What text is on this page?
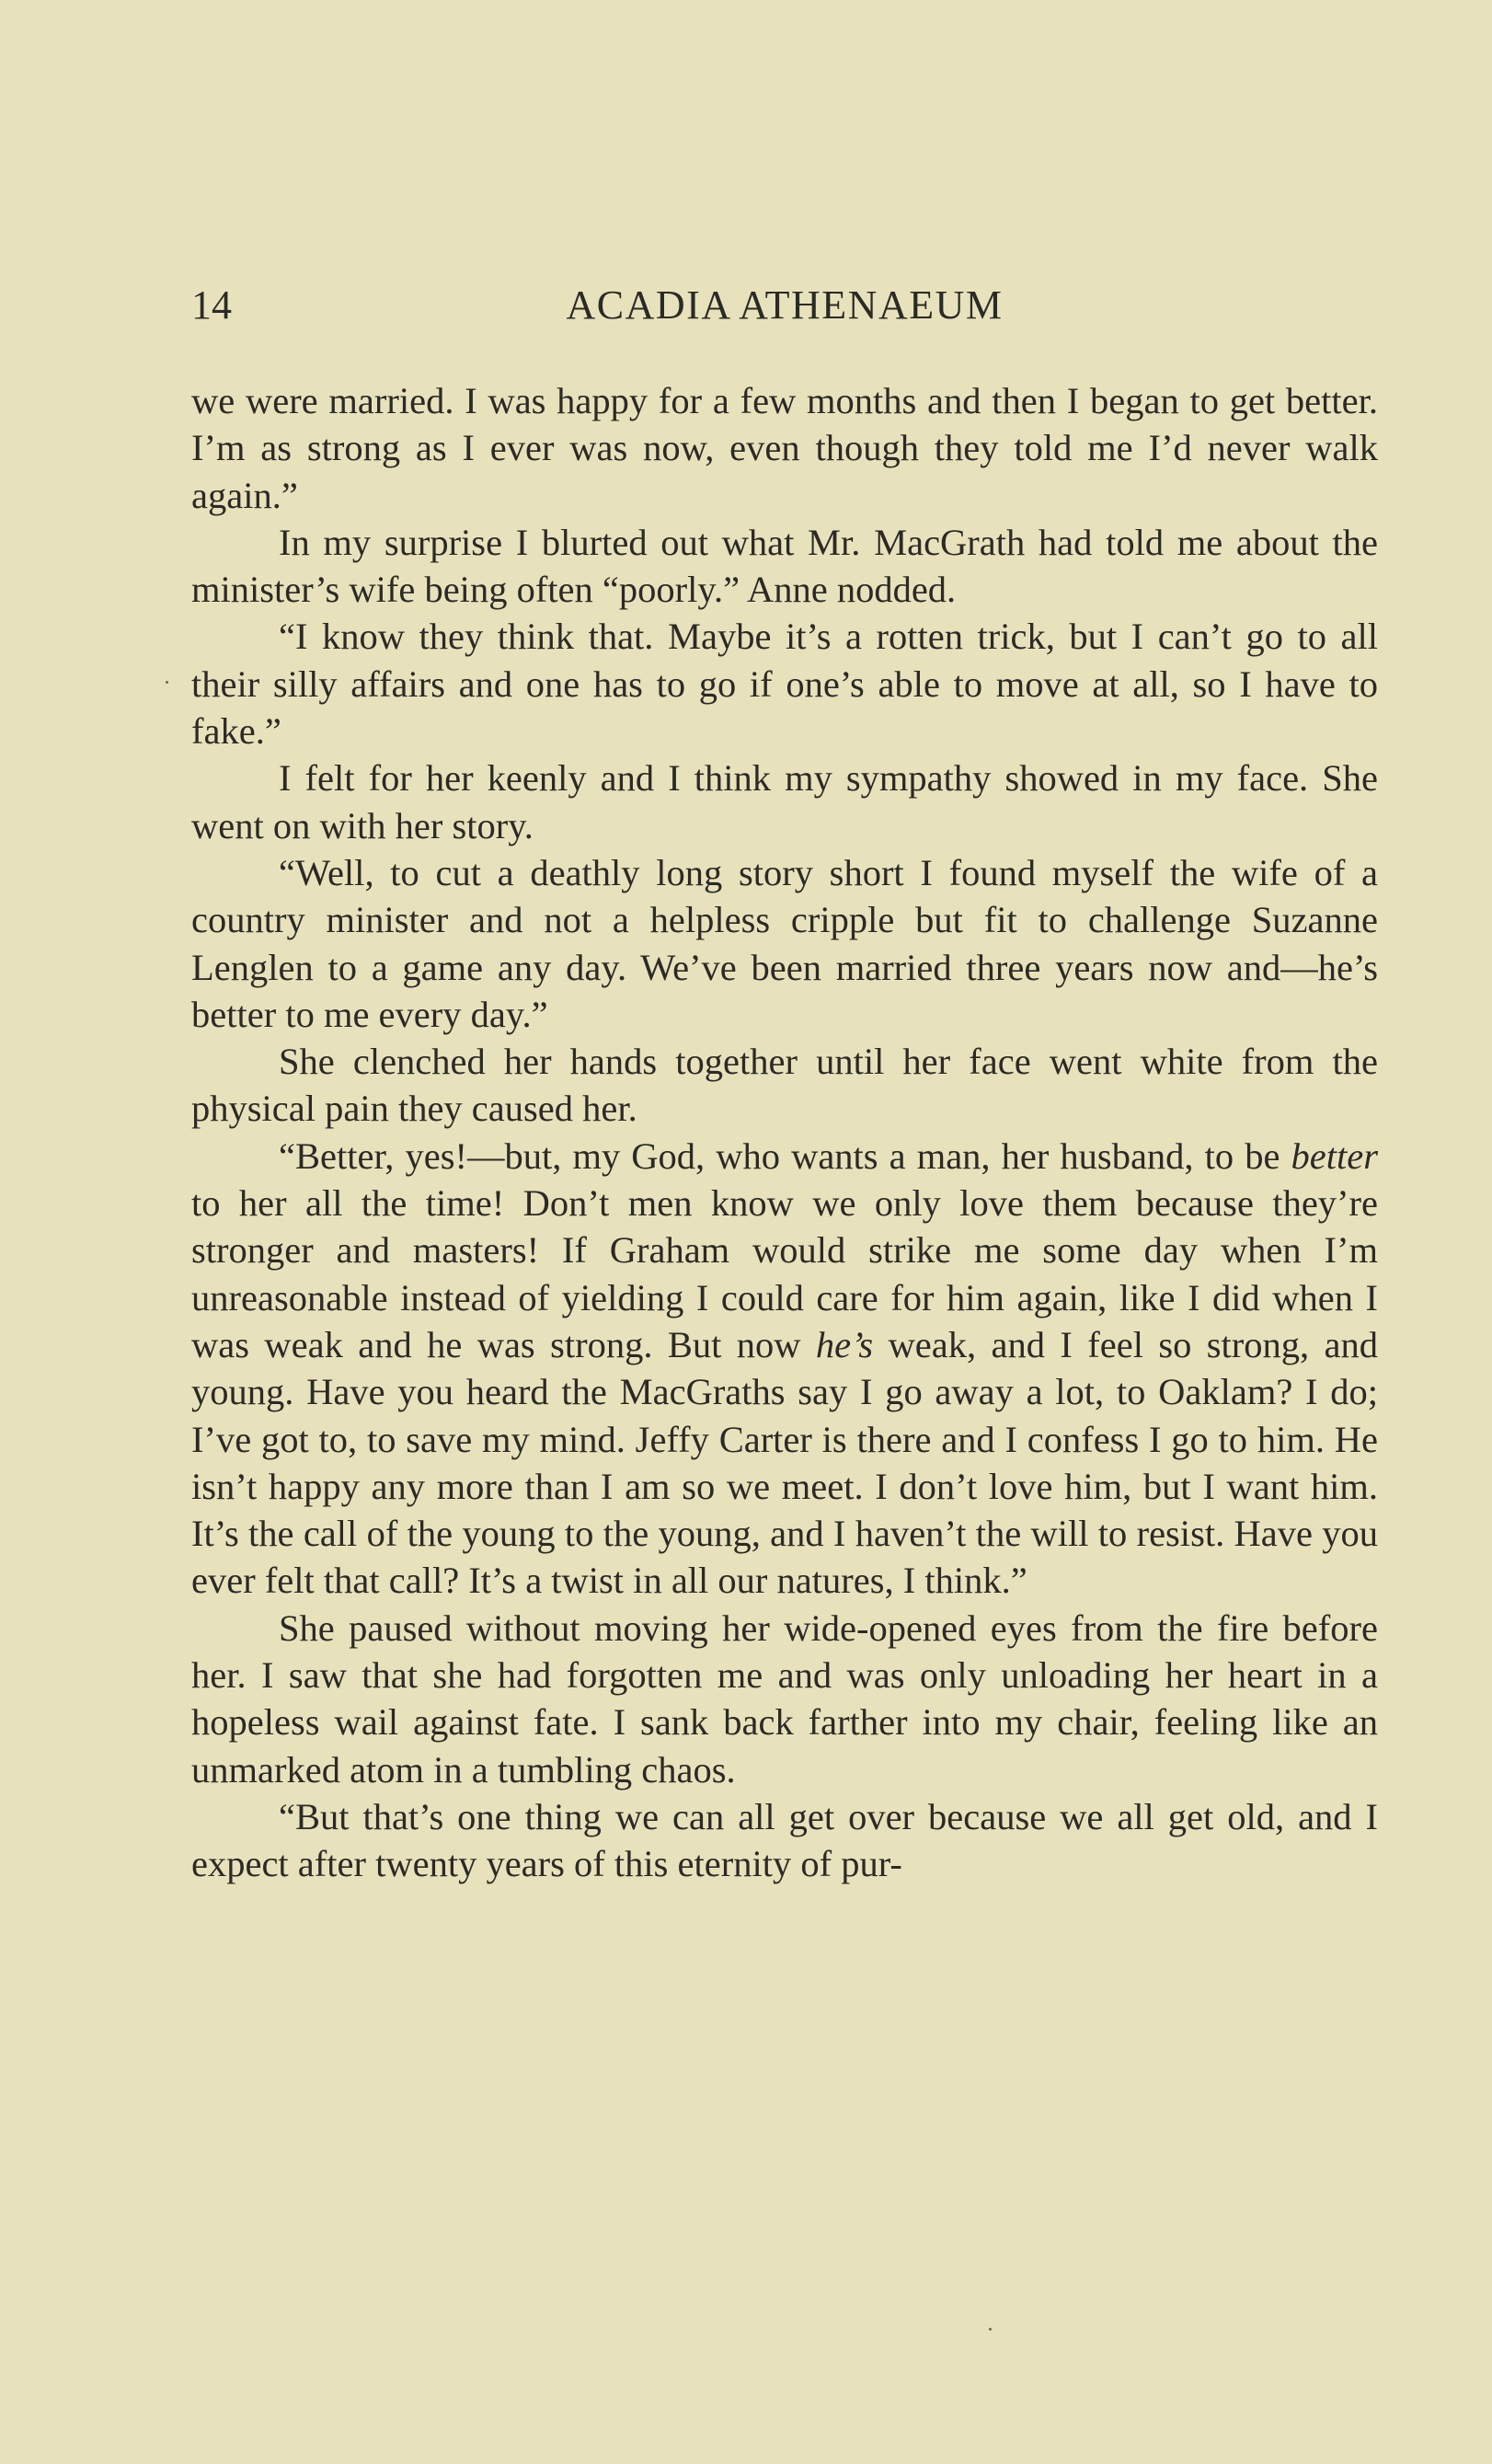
14	ACADIA ATHENAEUM

we were married. I was happy for a few months and then I began to get better. I’m as strong as I ever was now, even though they told me I’d never walk again.”

In my surprise I blurted out what Mr. MacGrath had told me about the minister’s wife being often “poorly.” Anne nodded.

“I know they think that. Maybe it’s a rotten trick, but I can’t go to all their silly affairs and one has to go if one’s able to move at all, so I have to fake.”

I felt for her keenly and I think my sympathy showed in my face. She went on with her story.

“Well, to cut a deathly long story short I found myself the wife of a country minister and not a helpless cripple but fit to challenge Suzanne Lenglen to a game any day. We’ve been married three years now and—he’s better to me every day.”

She clenched her hands together until her face went white from the physical pain they caused her.

“Better, yes!—but, my God, who wants a man, her husband, to be better to her all the time! Don’t men know we only love them because they’re stronger and masters! If Graham would strike me some day when I’m unreasonable instead of yielding I could care for him again, like I did when I was weak and he was strong. But now he’s weak, and I feel so strong, and young. Have you heard the MacGraths say I go away a lot, to Oaklam? I do; I’ve got to, to save my mind. Jeffy Carter is there and I confess I go to him. He isn’t happy any more than I am so we meet. I don’t love him, but I want him. It’s the call of the young to the young, and I haven’t the will to resist. Have you ever felt that call? It’s a twist in all our natures, I think.”

She paused without moving her wide-opened eyes from the fire before her. I saw that she had forgotten me and was only unloading her heart in a hopeless wail against fate. I sank back farther into my chair, feeling like an unmarked atom in a tumbling chaos.

“But that’s one thing we can all get over because we all get old, and I expect after twenty years of this eternity of pur-
